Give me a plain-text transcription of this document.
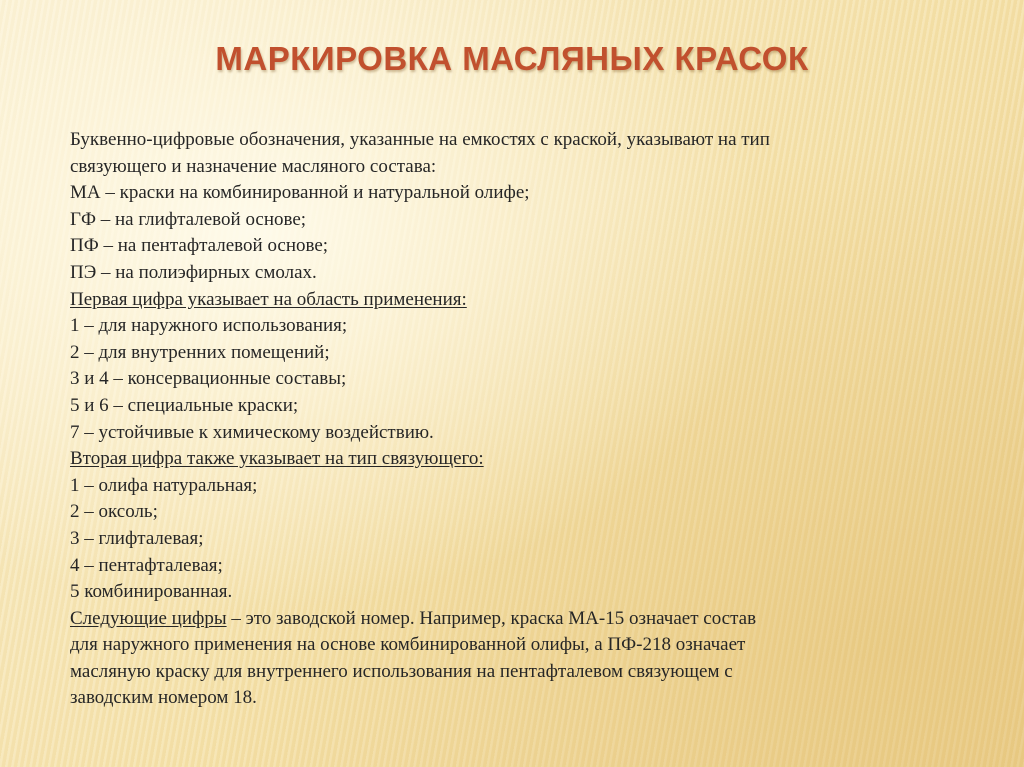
МАРКИРОВКА МАСЛЯНЫХ КРАСОК
Буквенно-цифровые обозначения, указанные на емкостях с краской, указывают на тип
связующего и назначение масляного состава:
МА – краски на комбинированной и натуральной олифе;
ГФ – на глифталевой основе;
ПФ – на пентафталевой основе;
ПЭ – на полиэфирных смолах.
Первая цифра указывает на область применения:
1 – для наружного использования;
2 – для внутренних помещений;
3 и 4 – консервационные составы;
5 и 6 – специальные краски;
7 – устойчивые к химическому воздействию.
Вторая цифра также указывает на тип связующего:
1 – олифа натуральная;
2 – оксоль;
3 – глифталевая;
4 – пентафталевая;
5 комбинированная.
Следующие цифры – это заводской номер. Например, краска МА-15 означает состав
для наружного применения на основе комбинированной олифы, а ПФ-218 означает
масляную краску для внутреннего использования на пентафталевом связующем с
заводским номером 18.
